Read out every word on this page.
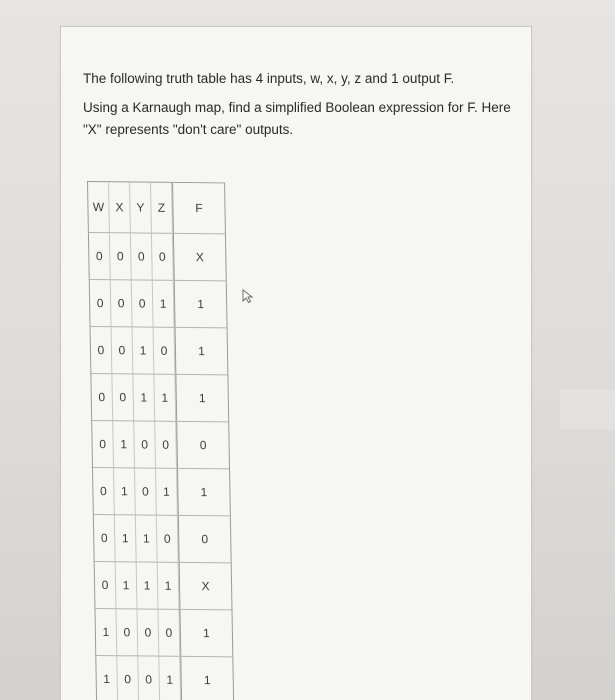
The following truth table has 4 inputs, w, x, y, z and 1 output F.
Using a Karnaugh map, find a simplified Boolean expression for F. Here "X" represents "don't care" outputs.
W X	Y	Z	F
0	0	0	0	X
0	0	0	1	1
0	0	1	0	1
0	0	1	1	1
0	1	0	0	0
0	1	0	1	1
0	1	1	0	0
0	1	1	1	X
1	0	0	0	1
1	0	0	1	1
